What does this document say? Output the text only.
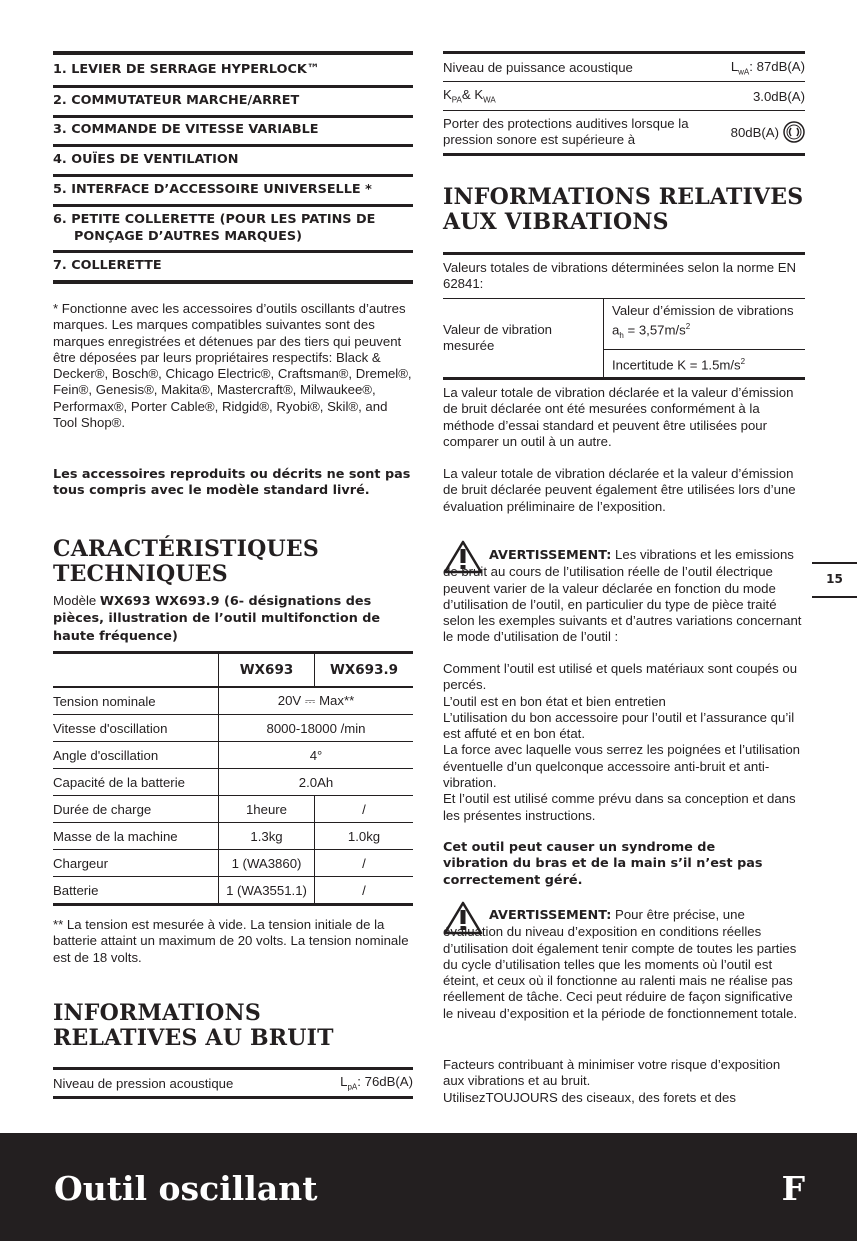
1. LEVIER DE SERRAGE HYPERLOCK™
2. COMMUTATEUR MARCHE/ARRET
3. COMMANDE DE VITESSE VARIABLE
4. OUÏES DE VENTILATION
5. INTERFACE D’ACCESSOIRE UNIVERSELLE *
6. PETITE COLLERETTE (POUR LES PATINS DE PONÇAGE D’AUTRES MARQUES)
7. COLLERETTE
* Fonctionne avec les accessoires d’outils oscillants d’autres marques. Les marques compatibles suivantes sont des marques enregistrées et détenues par des tiers qui peuvent être déposées par leurs propriétaires respectifs: Black & Decker®, Bosch®, Chicago Electric®, Craftsman®, Dremel®, Fein®, Genesis®, Makita®, Mastercraft®, Milwaukee®, Performax®, Porter Cable®, Ridgid®, Ryobi®, Skil®, and Tool Shop®.
Les accessoires reproduits ou décrits ne sont pas tous compris avec le modèle standard livré.
CARACTÉRISTIQUES TECHNIQUES
Modèle WX693 WX693.9 (6- désignations des pièces, illustration de l’outil multifonction de haute fréquence)
	WX693	WX693.9
Tension nominale	20V ⎓ Max**	
Vitesse d'oscillation	8000-18000 /min	
Angle d'oscillation	4°	
Capacité de la batterie	2.0Ah	
Durée de charge	1heure	/
Masse de la machine	1.3kg	1.0kg
Chargeur	1 (WA3860)	/
Batterie	1 (WA3551.1)	/
** La tension est mesurée à vide. La tension initiale de la batterie attaint un maximum de 20 volts. La tension nominale est de 18 volts.
INFORMATIONS RELATIVES AU BRUIT
Niveau de pression acoustique	$L_{pA}$: 76dB(A)
Niveau de puissance acoustique	$L_{wA}$: 87dB(A)
$K_{PA}\&$ $K_{WA}$	3.0dB(A)
Porter des protections auditives lorsque la pression sonore est supérieure à	80dB(A)
INFORMATIONS RELATIVES AUX VIBRATIONS
Valeurs totales de vibrations déterminées selon la norme EN 62841:
Valeur de vibration mesurée	Valeur d’émission de vibrations $a_h = 3,57m/s^2$
Incertitude $K = 1.5m/s^2$
La valeur totale de vibration déclarée et la valeur d’émission de bruit déclarée ont été mesurées conformément à la méthode d’essai standard et peuvent être utilisées pour comparer un outil à un autre.
La valeur totale de vibration déclarée et la valeur d’émission de bruit déclarée peuvent également être utilisées lors d’une évaluation préliminaire de l’exposition.
AVERTISSEMENT: Les vibrations et les emissions de bruit au cours de l’utilisation réelle de l’outil électrique peuvent varier de la valeur déclarée en fonction du mode d’utilisation de l’outil, en particulier du type de pièce traité selon les exemples suivants et d’autres variations concernant le mode d’utilisation de l’outil :
Comment l’outil est utilisé et quels matériaux sont coupés ou percés.
L’outil est en bon état et bien entretien
L’utilisation du bon accessoire pour l’outil et l’assurance qu’il est affuté et en bon état.
La force avec laquelle vous serrez les poignées et l’utilisation éventuelle d’un quelconque accessoire anti-bruit et anti-vibration.
Et l’outil est utilisé comme prévu dans sa conception et dans les présentes instructions.
Cet outil peut causer un syndrome de vibration du bras et de la main s’il n’est pas correctement géré.
AVERTISSEMENT: Pour être précise, une évaluation du niveau d’exposition en conditions réelles d’utilisation doit également tenir compte de toutes les parties du cycle d’utilisation telles que les moments où l’outil est éteint, et ceux où il fonctionne au ralenti mais ne réalise pas réellement de tâche. Ceci peut réduire de façon significative le niveau d’exposition et la période de fonctionnement totale.
Facteurs contribuant à minimiser votre risque d’exposition aux vibrations et au bruit.
UtilisezTOUJOURS des ciseaux, des forets et des
15
Outil oscillant	F
